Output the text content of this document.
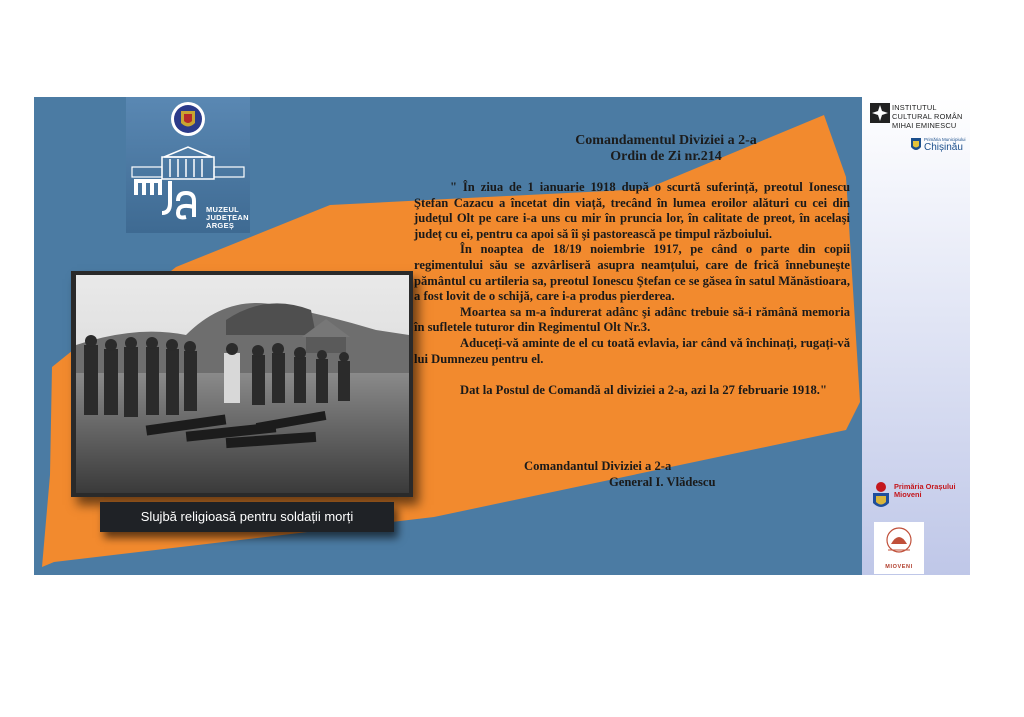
MUZEUL
JUDEȚEAN
ARGEȘ
Comandamentul Diviziei a 2-a
Ordin de Zi nr.214

" În ziua de 1 ianuarie 1918 după o scurtă suferință, preotul Ionescu Ştefan Cazacu a încetat din viață, trecând în lumea eroilor alături cu cei din județul Olt pe care i-a uns cu mir în pruncia lor, în calitate de preot, în acelaşi județ cu ei, pentru ca apoi să îi şi pastorească pe timpul războiului.

În noaptea de 18/19 noiembrie 1917, pe când o parte din copii regimentului său se azvârliseră asupra neamțului, care de frică înnebuneşte pământul cu artileria sa, preotul Ionescu Ştefan ce se găsea în satul Mănăstioara, a fost lovit de o schijă, care i-a produs pierderea.

Moartea sa m-a îndurerat adânc şi adânc trebuie să-i rămână memoria în sufletele tuturor din Regimentul Olt Nr.3.

Aduceți-vă aminte de el cu toată evlavia, iar când vă închinați, rugați-vă lui Dumnezeu pentru el.

Dat la Postul de Comandă al diviziei a 2-a, azi la 27 februarie 1918."

Comandantul Diviziei a 2-a
General I. Vlădescu
Slujbă religioasă pentru soldații morți
INSTITUTUL
CULTURAL ROMÂN
MIHAI EMINESCU
Primăria Municipiului
Chișinău
Primăria Orașului
Mioveni
MIOVENI
